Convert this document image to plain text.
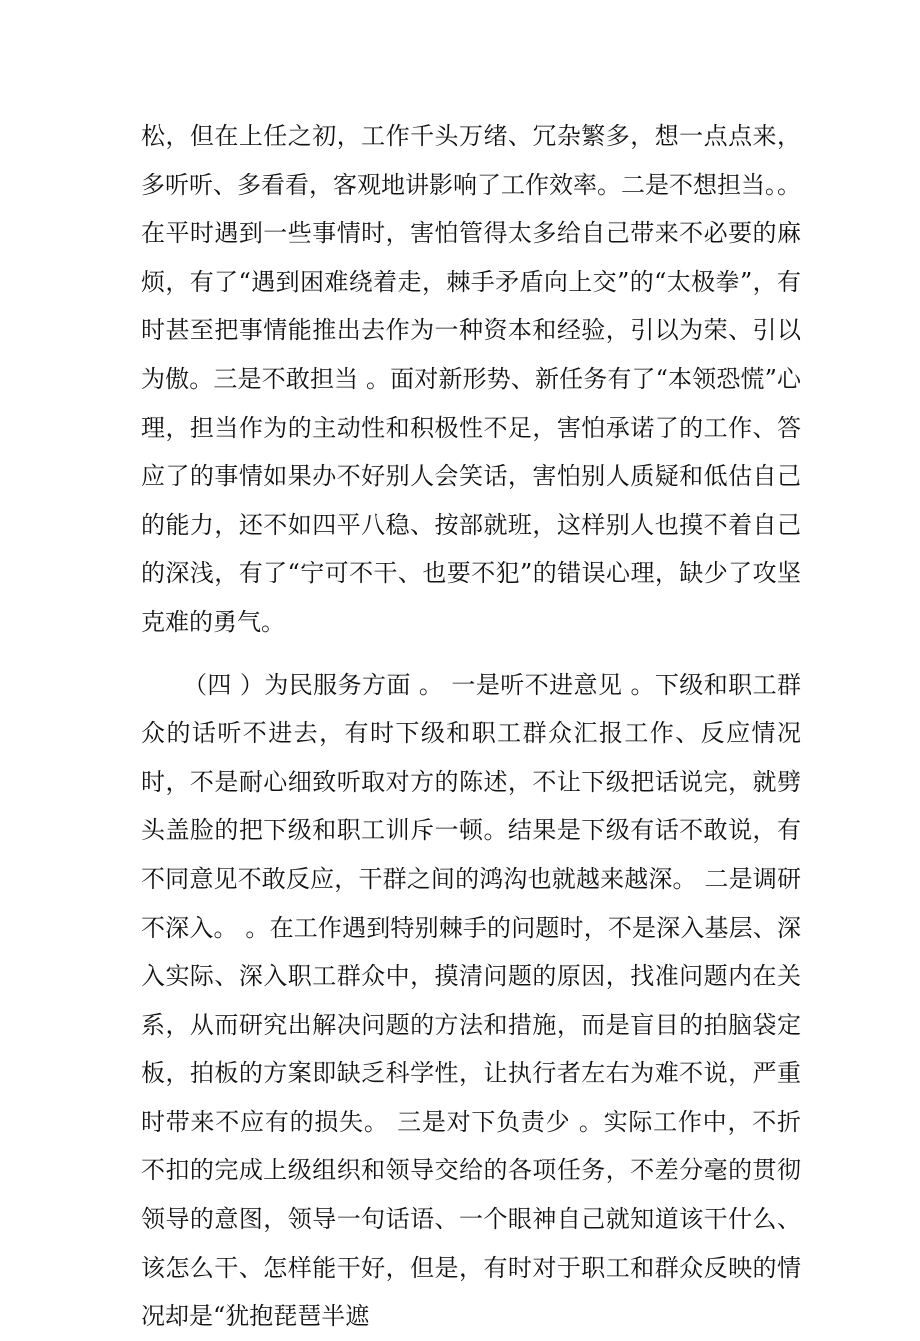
松，但在上任之初，工作千头万绪、冗杂繁多，想一点点来，多听听、多看看，客观地讲影响了工作效率。二是不想担当。。在平时遇到一些事情时，害怕管得太多给自己带来不必要的麻烦，有了“遇到困难绕着走，棘手矛盾向上交”的“太极拳”，有时甚至把事情能推出去作为一种资本和经验，引以为荣、引以为傲。三是不敢担当 。面对新形势、新任务有了“本领恐慌”心理，担当作为的主动性和积极性不足，害怕承诺了的工作、答应了的事情如果办不好别人会笑话，害怕别人质疑和低估自己的能力，还不如四平八稳、按部就班，这样别人也摸不着自己的深浅，有了“宁可不干、也要不犯”的错误心理，缺少了攻坚克难的勇气。

（四 ）为民服务方面 。 一是听不进意见 。下级和职工群众的话听不进去，有时下级和职工群众汇报工作、反应情况时，不是耐心细致听取对方的陈述，不让下级把话说完，就劈头盖脸的把下级和职工训斥一顿。结果是下级有话不敢说，有不同意见不敢反应，干群之间的鸿沟也就越来越深。 二是调研不深入。 。在工作遇到特别棘手的问题时，不是深入基层、深入实际、深入职工群众中，摸清问题的原因，找准问题内在关系，从而研究出解决问题的方法和措施，而是盲目的拍脑袋定板，拍板的方案即缺乏科学性，让执行者左右为难不说，严重时带来不应有的损失。 三是对下负责少 。实际工作中，不折不扣的完成上级组织和领导交给的各项任务，不差分毫的贯彻领导的意图，领导一句话语、一个眼神自己就知道该干什么、该怎么干、怎样能干好，但是，有时对于职工和群众反映的情况却是“犹抱琵琶半遮
